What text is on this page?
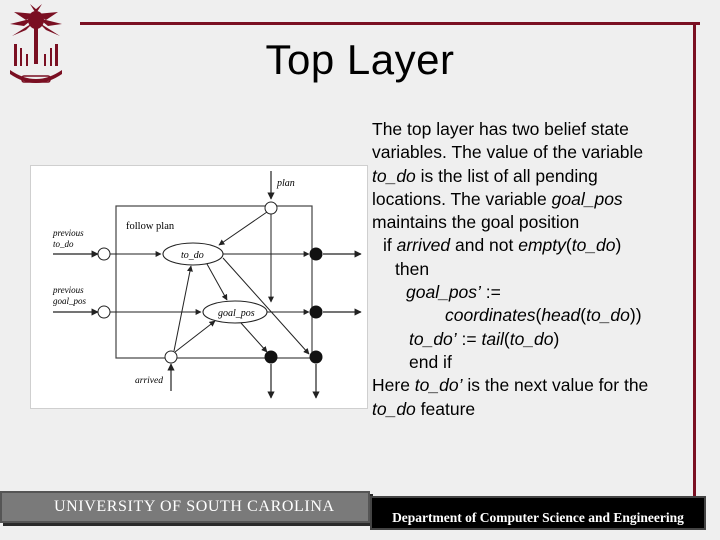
Top Layer
follow plan
plan
previous
to_do
previous
goal_pos
arrived
to_do
goal_pos
The top layer has two belief state
variables. The value of the variable
to_do is the list of all pending
locations. The variable goal_pos
maintains the goal position
if arrived and not empty(to_do)
then
goal_pos’ :=
coordinates(head(to_do))
to_do’ := tail(to_do)
end if
Here to_do’ is the next value for the
to_do feature
UNIVERSITY OF SOUTH CAROLINA
Department of Computer Science and Engineering
